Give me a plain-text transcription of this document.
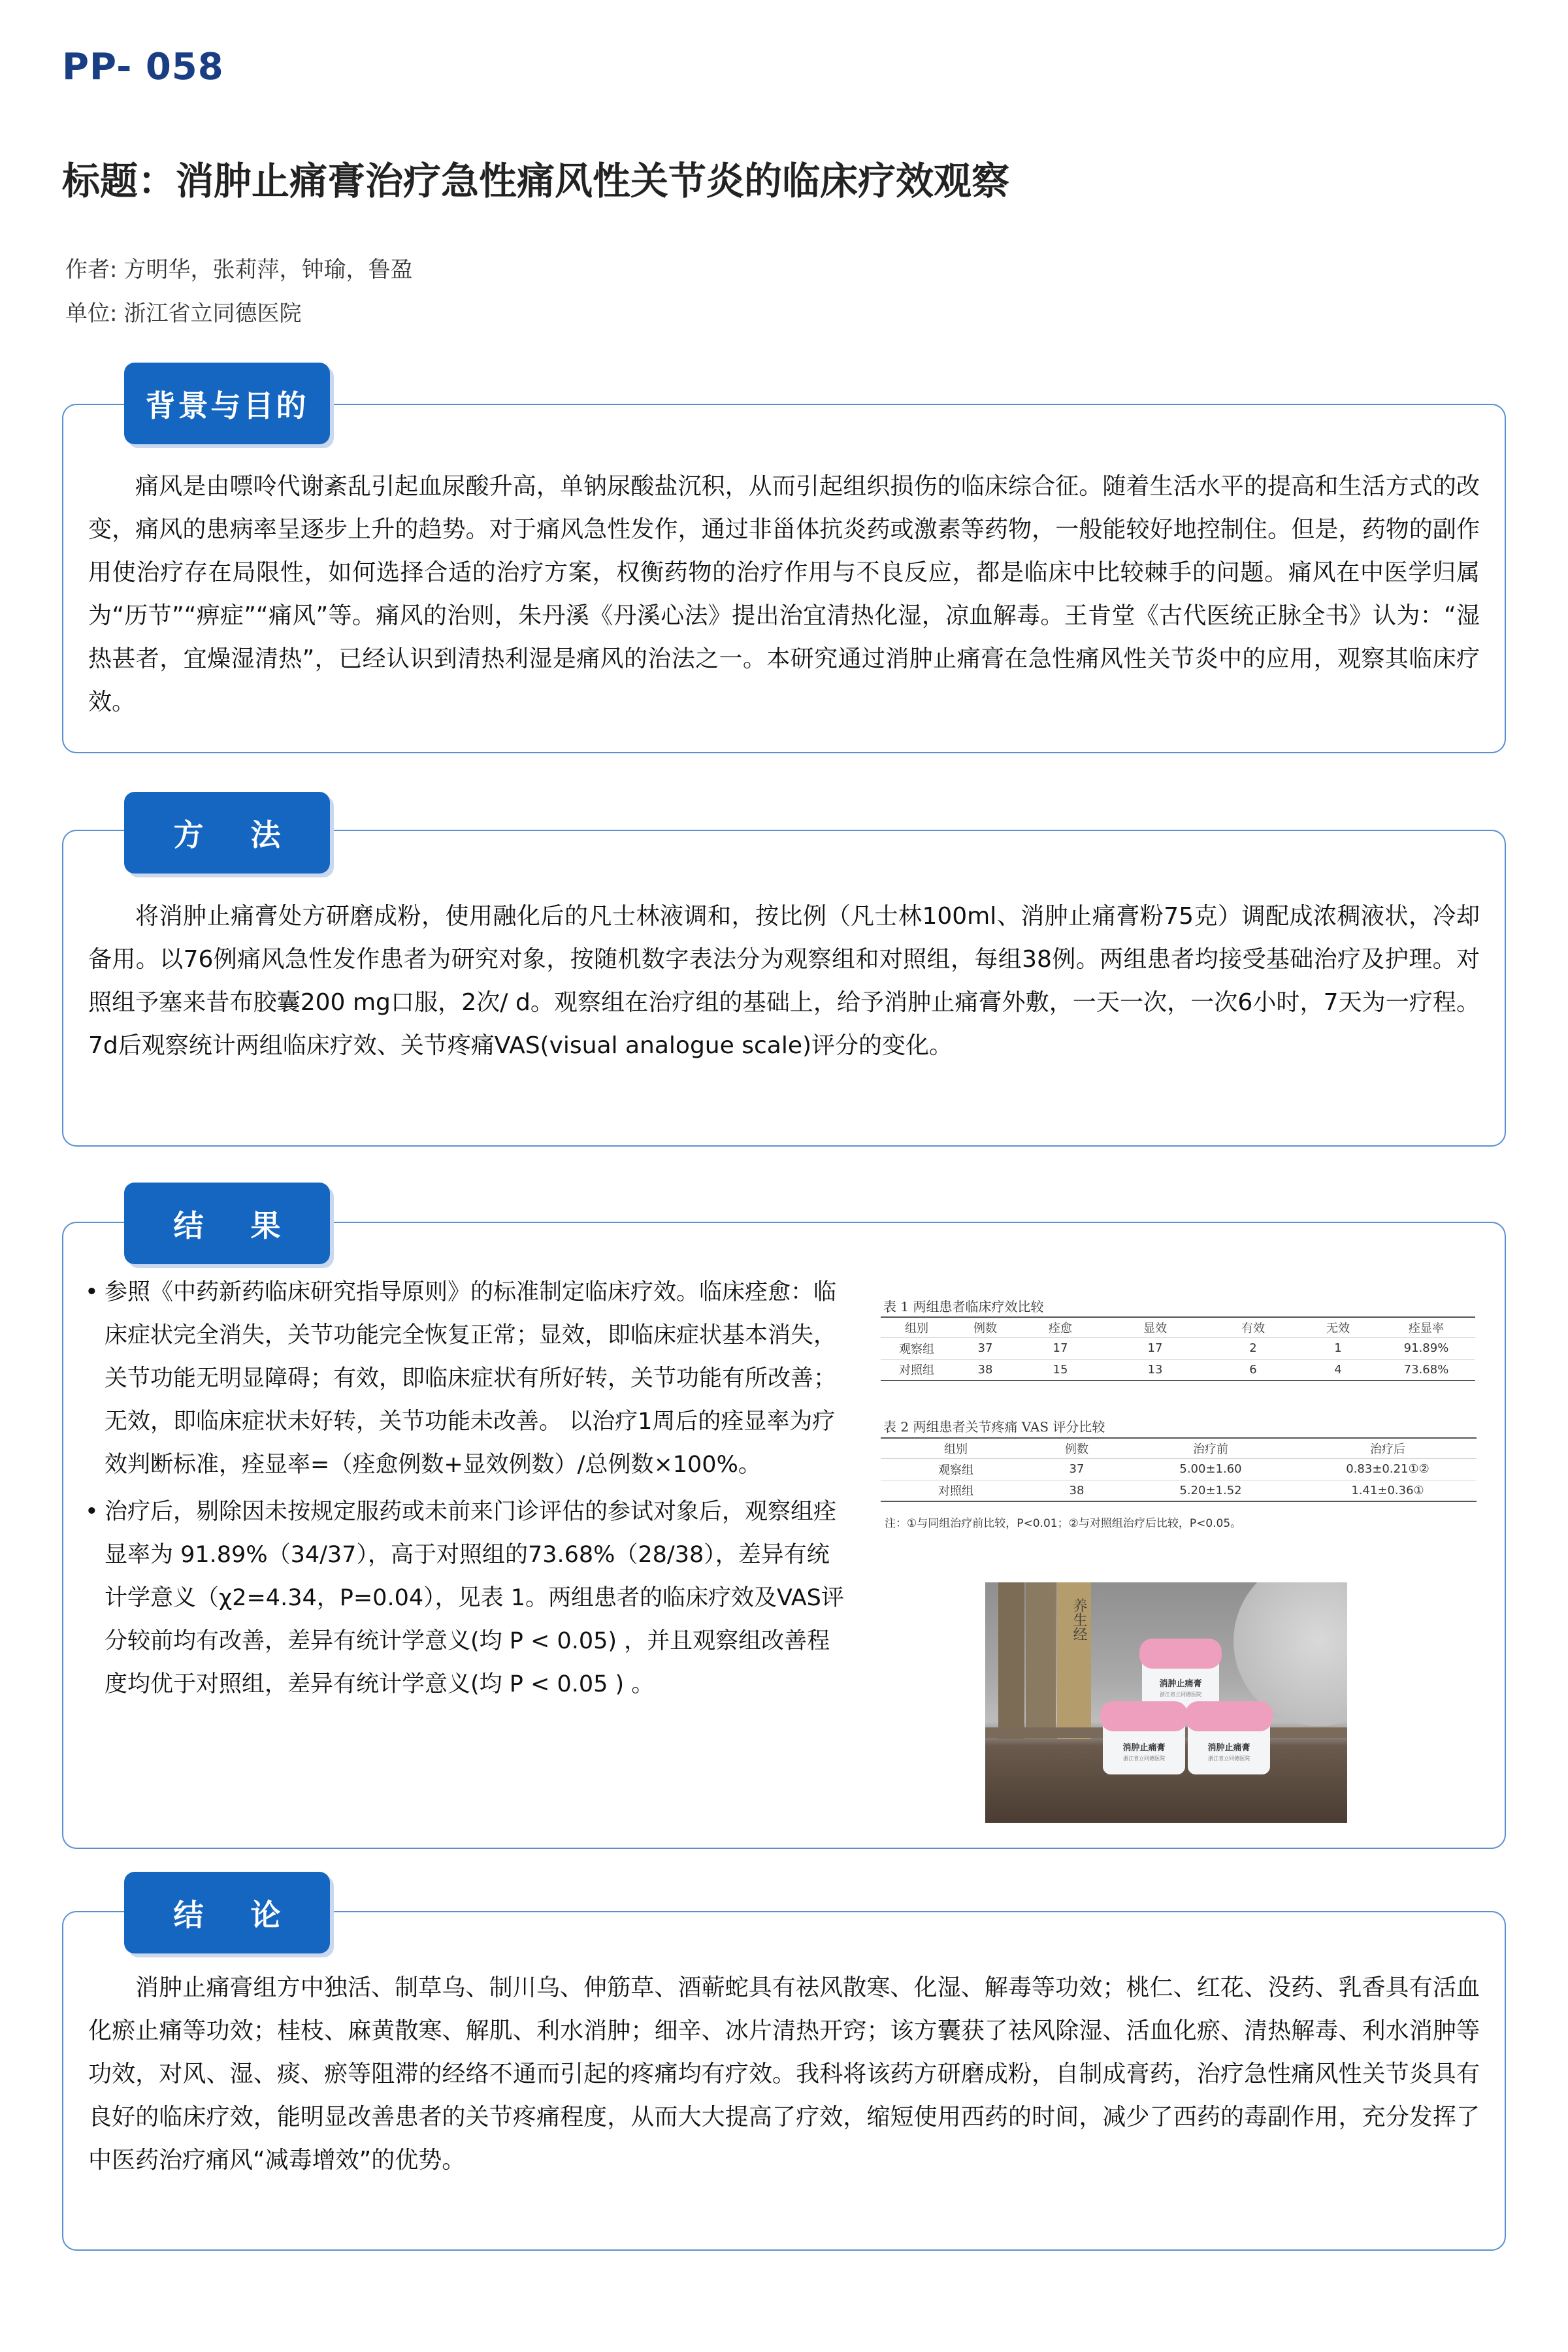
PP- 058
标题：消肿止痛膏治疗急性痛风性关节炎的临床疗效观察
作者: 方明华，张莉萍，钟瑜，鲁盈
单位: 浙江省立同德医院
背景与目的
痛风是由嘌呤代谢紊乱引起血尿酸升高，单钠尿酸盐沉积，从而引起组织损伤的临床综合征。随着生活水平的提高和生活方式的改变，痛风的患病率呈逐步上升的趋势。对于痛风急性发作，通过非甾体抗炎药或激素等药物，一般能较好地控制住。但是，药物的副作用使治疗存在局限性，如何选择合适的治疗方案，权衡药物的治疗作用与不良反应，都是临床中比较棘手的问题。痛风在中医学归属为“历节”“痹症”“痛风”等。痛风的治则，朱丹溪《丹溪心法》提出治宜清热化湿，凉血解毒。王肯堂《古代医统正脉全书》认为：“湿热甚者，宜燥湿清热”，已经认识到清热利湿是痛风的治法之一。本研究通过消肿止痛膏在急性痛风性关节炎中的应用，观察其临床疗效。
方 法
将消肿止痛膏处方研磨成粉，使用融化后的凡士林液调和，按比例（凡士林100ml、消肿止痛膏粉75克）调配成浓稠液状，冷却备用。以76例痛风急性发作患者为研究对象，按随机数字表法分为观察组和对照组，每组38例。两组患者均接受基础治疗及护理。对照组予塞来昔布胶囊200 mg口服，2次/ d。观察组在治疗组的基础上，给予消肿止痛膏外敷，一天一次，一次6小时，7天为一疗程。7d后观察统计两组临床疗效、关节疼痛VAS(visual analogue scale)评分的变化。
结 果
• 参照《中药新药临床研究指导原则》的标准制定临床疗效。临床痊愈：临床症状完全消失，关节功能完全恢复正常；显效，即临床症状基本消失，关节功能无明显障碍；有效，即临床症状有所好转，关节功能有所改善；无效，即临床症状未好转，关节功能未改善。 以治疗1周后的痊显率为疗效判断标准，痊显率=（痊愈例数+显效例数）/总例数×100%。
• 治疗后，剔除因未按规定服药或未前来门诊评估的参试对象后，观察组痊显率为 91.89%（34/37），高于对照组的73.68%（28/38），差异有统计学意义（χ2=4.34，P=0.04），见表 1。两组患者的临床疗效及VAS评分较前均有改善，差异有统计学意义(均 P < 0.05) ，并且观察组改善程度均优于对照组，差异有统计学意义(均 P < 0.05 ) 。
表 1 两组患者临床疗效比较
组别	例数	痊愈	显效	有效	无效	痊显率
观察组	37	17	17	2	1	91.89%
对照组	38	15	13	6	4	73.68%
表 2 两组患者关节疼痛 VAS 评分比较
组别	例数	治疗前	治疗后
观察组	37	5.00±1.60	0.83±0.21①②
对照组	38	5.20±1.52	1.41±0.36①
注：①与同组治疗前比较，P<0.01；②与对照组治疗后比较，P<0.05。
养生经
消肿止痛膏
浙江省立同德医院
消肿止痛膏
浙江省立同德医院
消肿止痛膏
浙江省立同德医院
结 论
消肿止痛膏组方中独活、制草乌、制川乌、伸筋草、酒蕲蛇具有祛风散寒、化湿、解毒等功效；桃仁、红花、没药、乳香具有活血化瘀止痛等功效；桂枝、麻黄散寒、解肌、利水消肿；细辛、冰片清热开窍；该方囊获了祛风除湿、活血化瘀、清热解毒、利水消肿等功效，对风、湿、痰、瘀等阻滞的经络不通而引起的疼痛均有疗效。我科将该药方研磨成粉，自制成膏药，治疗急性痛风性关节炎具有良好的临床疗效，能明显改善患者的关节疼痛程度，从而大大提高了疗效，缩短使用西药的时间，减少了西药的毒副作用，充分发挥了中医药治疗痛风“减毒增效”的优势。
